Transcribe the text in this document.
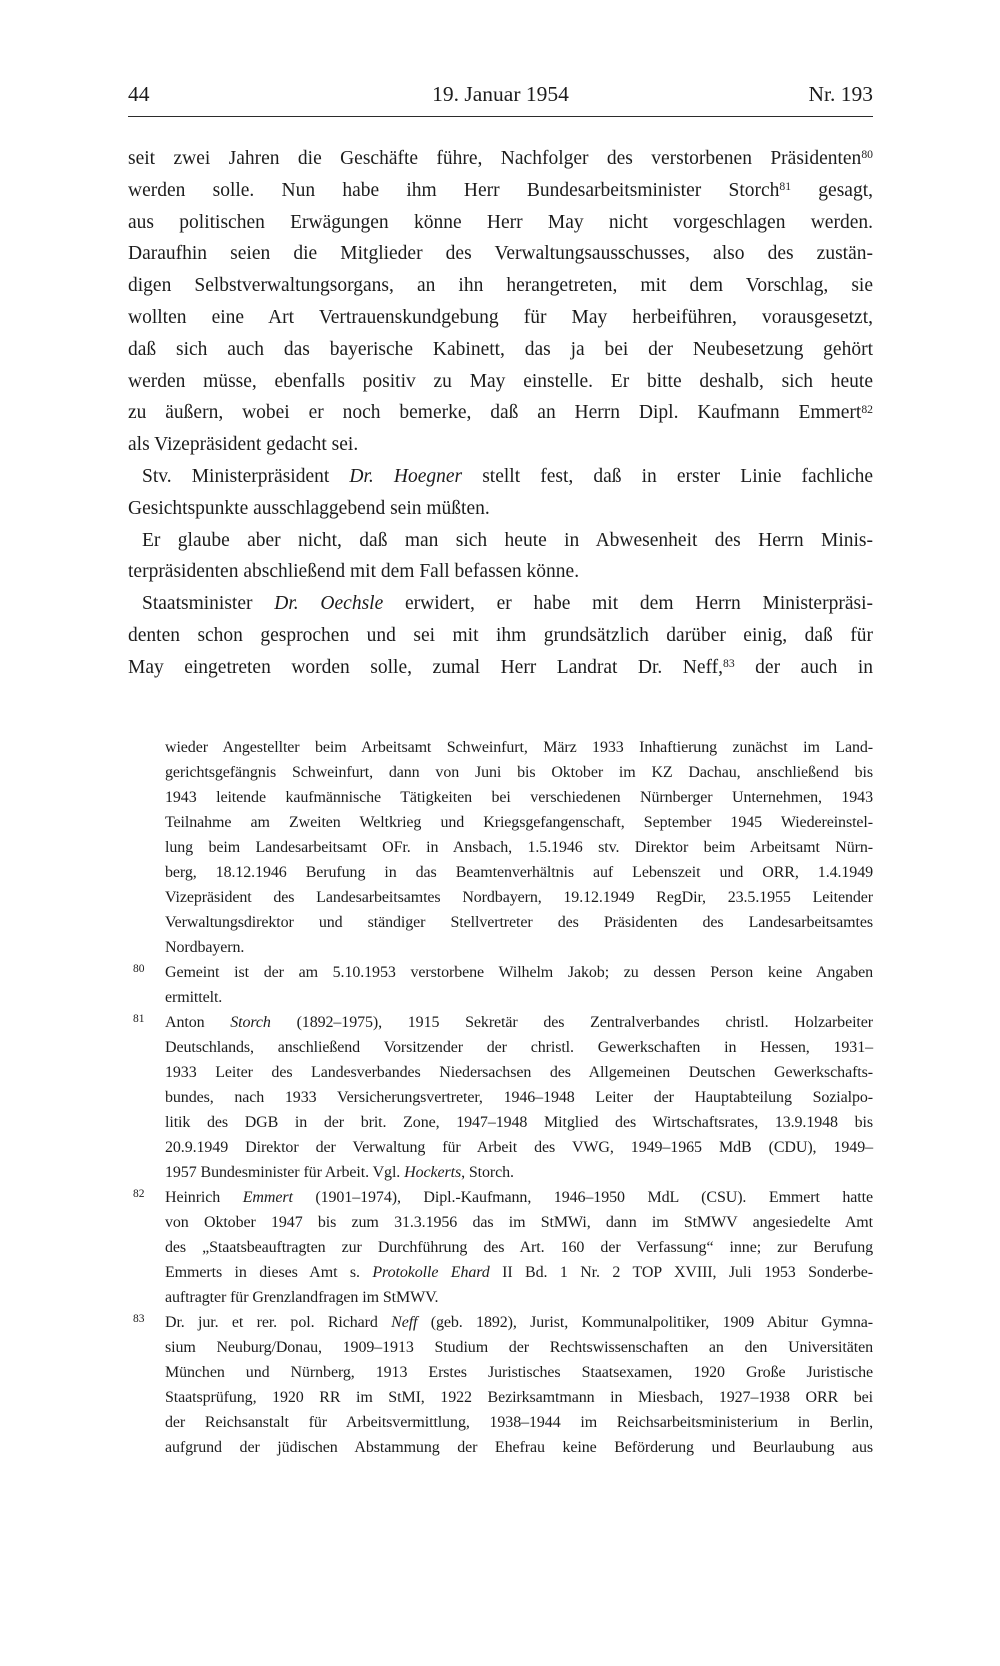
44	19. Januar 1954	Nr. 193
seit zwei Jahren die Geschäfte führe, Nachfolger des verstorbenen Präsidenten$^{80}$
werden solle. Nun habe ihm Herr Bundesarbeitsminister Storch$^{81}$ gesagt,
aus politischen Erwägungen könne Herr May nicht vorgeschlagen werden.
Daraufhin seien die Mitglieder des Verwaltungsausschusses, also des zustän-
digen Selbstverwaltungsorgans, an ihn herangetreten, mit dem Vorschlag, sie
wollten eine Art Vertrauenskundgebung für May herbeiführen, vorausgesetzt,
daß sich auch das bayerische Kabinett, das ja bei der Neubesetzung gehört
werden müsse, ebenfalls positiv zu May einstelle. Er bitte deshalb, sich heute
zu äußern, wobei er noch bemerke, daß an Herrn Dipl. Kaufmann Emmert$^{82}$
als Vizepräsident gedacht sei.
Stv. Ministerpräsident Dr. Hoegner stellt fest, daß in erster Linie fachliche
Gesichtspunkte ausschlaggebend sein müßten.
Er glaube aber nicht, daß man sich heute in Abwesenheit des Herrn Minis-
terpräsidenten abschließend mit dem Fall befassen könne.
Staatsminister Dr. Oechsle erwidert, er habe mit dem Herrn Ministerpräsi-
denten schon gesprochen und sei mit ihm grundsätzlich darüber einig, daß für
May eingetreten worden solle, zumal Herr Landrat Dr. Neff,$^{83}$ der auch in
wieder Angestellter beim Arbeitsamt Schweinfurt, März 1933 Inhaftierung zunächst im Land-
gerichtsgefängnis Schweinfurt, dann von Juni bis Oktober im KZ Dachau, anschließend bis
1943 leitende kaufmännische Tätigkeiten bei verschiedenen Nürnberger Unternehmen, 1943
Teilnahme am Zweiten Weltkrieg und Kriegsgefangenschaft, September 1945 Wiedereinstel-
lung beim Landesarbeitsamt OFr. in Ansbach, 1.5.1946 stv. Direktor beim Arbeitsamt Nürn-
berg, 18.12.1946 Berufung in das Beamtenverhältnis auf Lebenszeit und ORR, 1.4.1949
Vizepräsident des Landesarbeitsamtes Nordbayern, 19.12.1949 RegDir, 23.5.1955 Leitender
Verwaltungsdirektor und ständiger Stellvertreter des Präsidenten des Landesarbeitsamtes
Nordbayern.
80 Gemeint ist der am 5.10.1953 verstorbene Wilhelm Jakob; zu dessen Person keine Angaben
ermittelt.
81 Anton Storch (1892–1975), 1915 Sekretär des Zentralverbandes christl. Holzarbeiter
Deutschlands, anschließend Vorsitzender der christl. Gewerkschaften in Hessen, 1931–
1933 Leiter des Landesverbandes Niedersachsen des Allgemeinen Deutschen Gewerkschafts-
bundes, nach 1933 Versicherungsvertreter, 1946–1948 Leiter der Hauptabteilung Sozialpo-
litik des DGB in der brit. Zone, 1947–1948 Mitglied des Wirtschaftsrates, 13.9.1948 bis
20.9.1949 Direktor der Verwaltung für Arbeit des VWG, 1949–1965 MdB (CDU), 1949–
1957 Bundesminister für Arbeit. Vgl. Hockerts, Storch.
82 Heinrich Emmert (1901–1974), Dipl.-Kaufmann, 1946–1950 MdL (CSU). Emmert hatte
von Oktober 1947 bis zum 31.3.1956 das im StMWi, dann im StMWV angesiedelte Amt
des „Staatsbeauftragten zur Durchführung des Art. 160 der Verfassung“ inne; zur Berufung
Emmerts in dieses Amt s. Protokolle Ehard II Bd. 1 Nr. 2 TOP XVIII, Juli 1953 Sonderbe-
auftragter für Grenzlandfragen im StMWV.
83 Dr. jur. et rer. pol. Richard Neff (geb. 1892), Jurist, Kommunalpolitiker, 1909 Abitur Gymna-
sium Neuburg/Donau, 1909–1913 Studium der Rechtswissenschaften an den Universitäten
München und Nürnberg, 1913 Erstes Juristisches Staatsexamen, 1920 Große Juristische
Staatsprüfung, 1920 RR im StMI, 1922 Bezirksamtmann in Miesbach, 1927–1938 ORR bei
der Reichsanstalt für Arbeitsvermittlung, 1938–1944 im Reichsarbeitsministerium in Berlin,
aufgrund der jüdischen Abstammung der Ehefrau keine Beförderung und Beurlaubung aus
